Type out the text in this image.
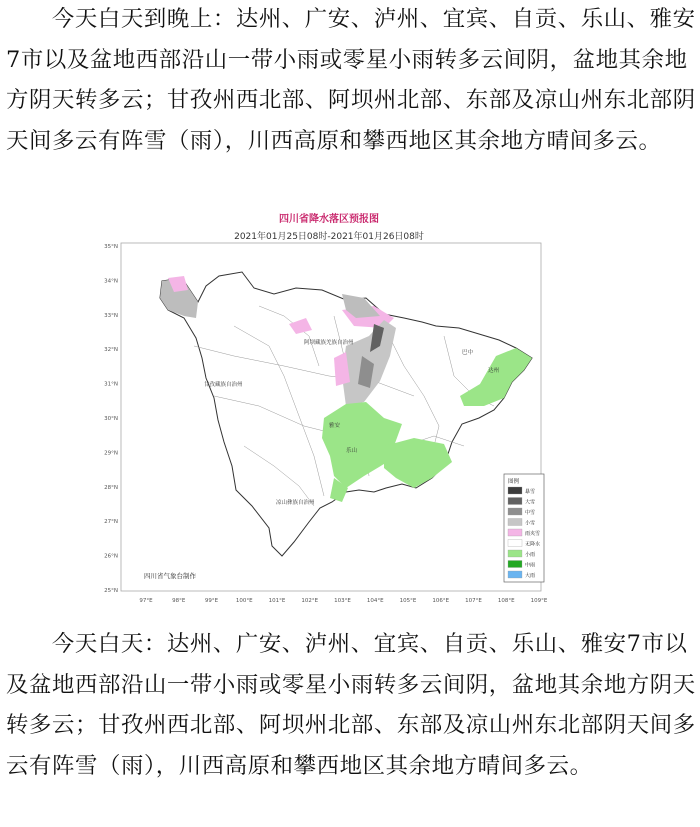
今天白天到晚上：达州、广安、泸州、宜宾、自贡、乐山、雅安7市以及盆地西部沿山一带小雨或零星小雨转多云间阴，盆地其余地方阴天转多云；甘孜州西北部、阿坝州北部、东部及凉山州东北部阴天间多云有阵雪（雨），川西高原和攀西地区其余地方晴间多云。

四川省降水落区预报图
2021年01月25日08时-2021年01月26日08时
35°N
34°N
33°N
32°N
31°N
30°N
29°N
28°N
27°N
26°N
25°N
97°E	98°E	99°E	100°E	101°E	102°E	103°E	104°E	105°E	106°E	107°E	108°E	109°E
阿坝藏族羌族自治州
甘孜藏族自治州
雅安
乐山
凉山彝族自治州
巴中
达州
四川省气象台制作
图例
暴雪
大雪
中雪
小雪
雨夹雪
无降水
小雨
中雨
大雨

今天白天：达州、广安、泸州、宜宾、自贡、乐山、雅安7市以及盆地西部沿山一带小雨或零星小雨转多云间阴，盆地其余地方阴天转多云；甘孜州西北部、阿坝州北部、东部及凉山州东北部阴天间多云有阵雪（雨），川西高原和攀西地区其余地方晴间多云。
